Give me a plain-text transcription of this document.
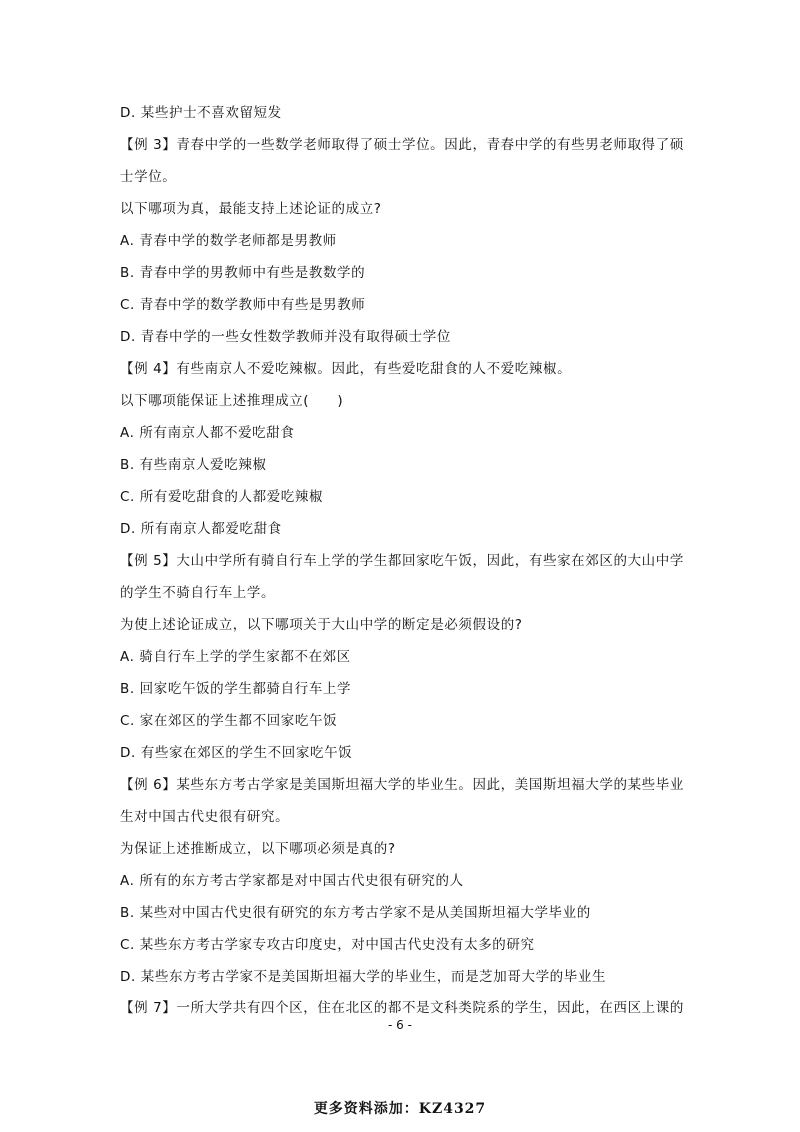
D. 某些护士不喜欢留短发
【例 3】青春中学的一些数学老师取得了硕士学位。因此，青春中学的有些男老师取得了硕
士学位。
以下哪项为真，最能支持上述论证的成立?
A. 青春中学的数学老师都是男教师
B. 青春中学的男教师中有些是教数学的
C. 青春中学的数学教师中有些是男教师
D. 青春中学的一些女性数学教师并没有取得硕士学位
【例 4】有些南京人不爱吃辣椒。因此，有些爱吃甜食的人不爱吃辣椒。
以下哪项能保证上述推理成立(　　)
A. 所有南京人都不爱吃甜食
B. 有些南京人爱吃辣椒
C. 所有爱吃甜食的人都爱吃辣椒
D. 所有南京人都爱吃甜食
【例 5】大山中学所有骑自行车上学的学生都回家吃午饭，因此，有些家在郊区的大山中学
的学生不骑自行车上学。
为使上述论证成立，以下哪项关于大山中学的断定是必须假设的?
A. 骑自行车上学的学生家都不在郊区
B. 回家吃午饭的学生都骑自行车上学
C. 家在郊区的学生都不回家吃午饭
D. 有些家在郊区的学生不回家吃午饭
【例 6】某些东方考古学家是美国斯坦福大学的毕业生。因此，美国斯坦福大学的某些毕业
生对中国古代史很有研究。
为保证上述推断成立，以下哪项必须是真的?
A. 所有的东方考古学家都是对中国古代史很有研究的人
B. 某些对中国古代史很有研究的东方考古学家不是从美国斯坦福大学毕业的
C. 某些东方考古学家专攻古印度史，对中国古代史没有太多的研究
D. 某些东方考古学家不是美国斯坦福大学的毕业生，而是芝加哥大学的毕业生
【例 7】一所大学共有四个区，住在北区的都不是文科类院系的学生，因此，在西区上课的
- 6 -
更多资料添加：KZ4327
